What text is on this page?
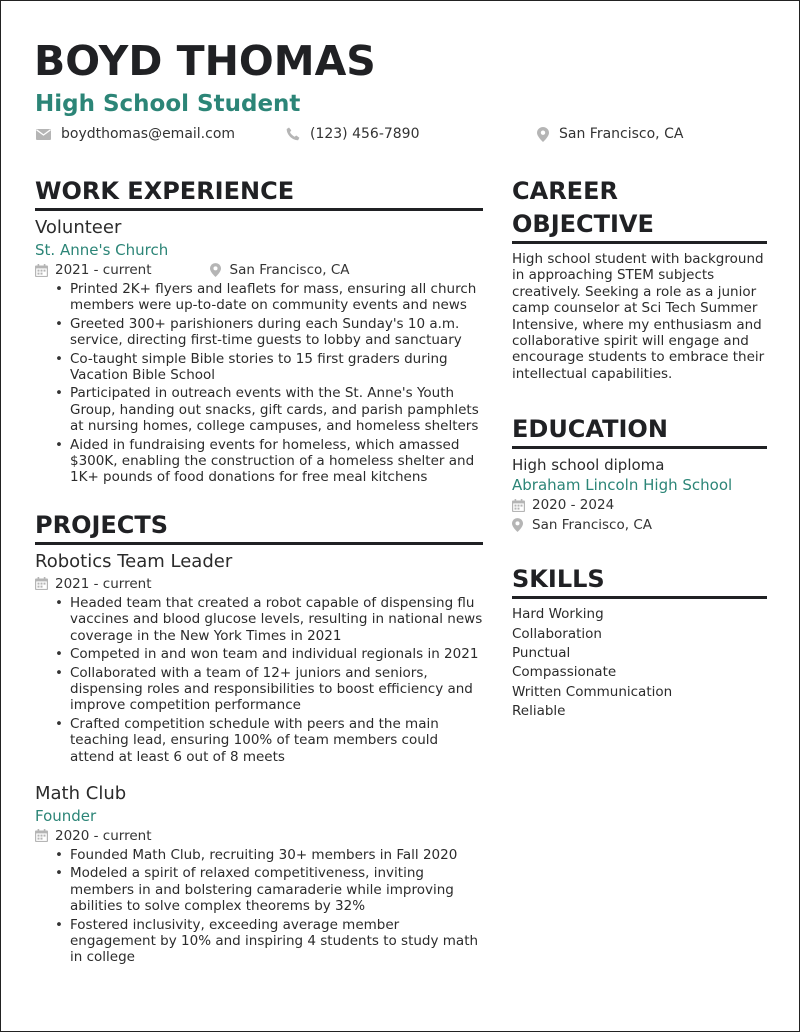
BOYD THOMAS
High School Student
boydthomas@email.com	(123) 456-7890	San Francisco, CA
WORK EXPERIENCE
Volunteer
St. Anne's Church
2021 - current	San Francisco, CA
• Printed 2K+ flyers and leaflets for mass, ensuring all church members were up-to-date on community events and news
• Greeted 300+ parishioners during each Sunday's 10 a.m. service, directing first-time guests to lobby and sanctuary
• Co-taught simple Bible stories to 15 first graders during Vacation Bible School
• Participated in outreach events with the St. Anne's Youth Group, handing out snacks, gift cards, and parish pamphlets at nursing homes, college campuses, and homeless shelters
• Aided in fundraising events for homeless, which amassed $300K, enabling the construction of a homeless shelter and 1K+ pounds of food donations for free meal kitchens
PROJECTS
Robotics Team Leader
2021 - current
• Headed team that created a robot capable of dispensing flu vaccines and blood glucose levels, resulting in national news coverage in the New York Times in 2021
• Competed in and won team and individual regionals in 2021
• Collaborated with a team of 12+ juniors and seniors, dispensing roles and responsibilities to boost efficiency and improve competition performance
• Crafted competition schedule with peers and the main teaching lead, ensuring 100% of team members could attend at least 6 out of 8 meets
Math Club
Founder
2020 - current
• Founded Math Club, recruiting 30+ members in Fall 2020
• Modeled a spirit of relaxed competitiveness, inviting members in and bolstering camaraderie while improving abilities to solve complex theorems by 32%
• Fostered inclusivity, exceeding average member engagement by 10% and inspiring 4 students to study math in college
CAREER OBJECTIVE
High school student with background in approaching STEM subjects creatively. Seeking a role as a junior camp counselor at Sci Tech Summer Intensive, where my enthusiasm and collaborative spirit will engage and encourage students to embrace their intellectual capabilities.
EDUCATION
High school diploma
Abraham Lincoln High School
2020 - 2024
San Francisco, CA
SKILLS
Hard Working
Collaboration
Punctual
Compassionate
Written Communication
Reliable
